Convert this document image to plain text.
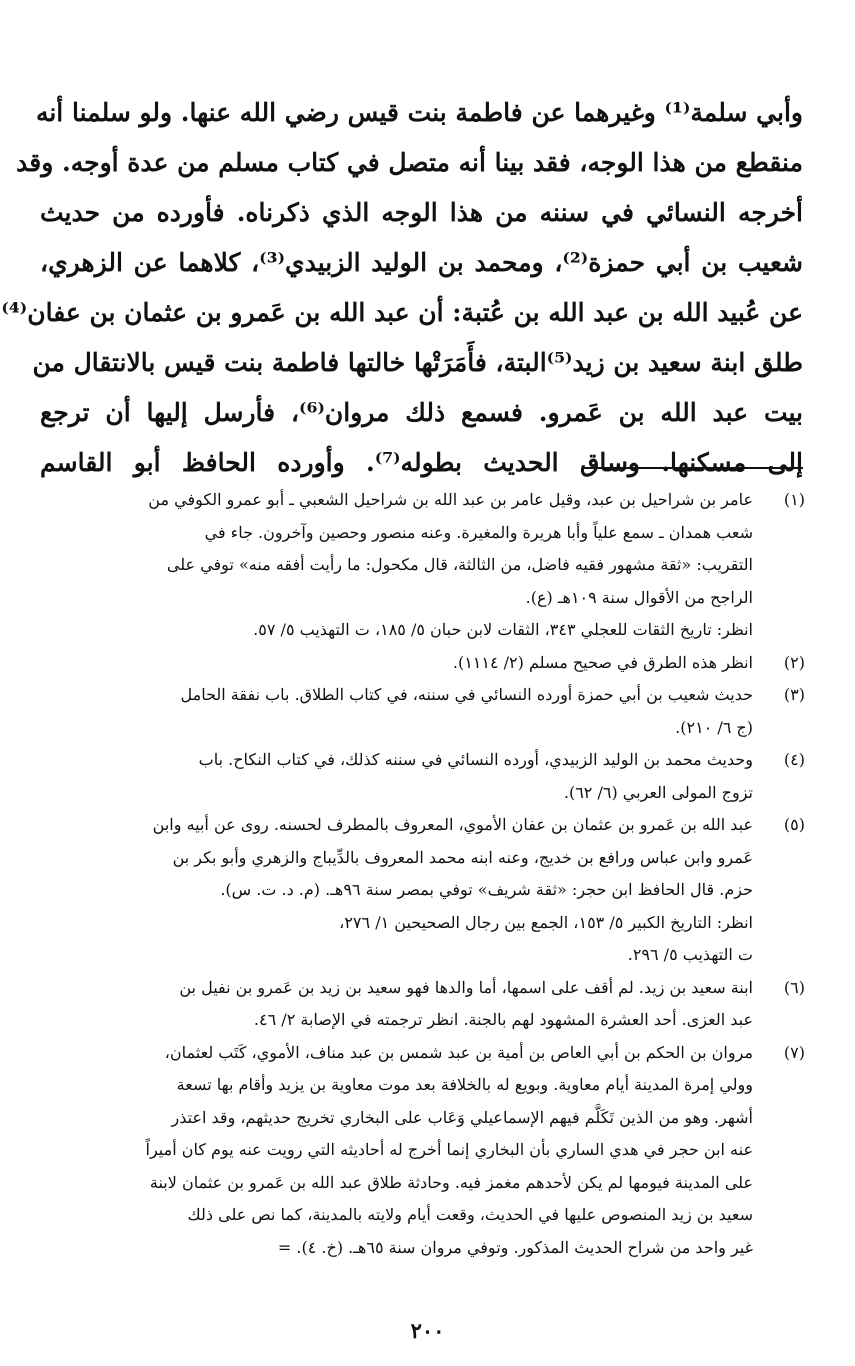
وأبي سلمة⁽¹⁾ وغيرهما عن فاطمة بنت قيس رضي الله عنها. ولو سلمنا أنه
منقطع من هذا الوجه، فقد بينا أنه متصل في كتاب مسلم من عدة أوجه. وقد
أخرجه النسائي في سننه من هذا الوجه الذي ذكرناه. فأورده من حديث
شعيب بن أبي حمزة⁽²⁾، ومحمد بن الوليد الزبيدي⁽³⁾، كلاهما عن الزهري،
عن عُبيد الله بن عبد الله بن عُتبة: أن عبد الله بن عَمرو بن عثمان بن عفان⁽⁴⁾
طلق ابنة سعيد بن زيد⁽⁵⁾البتة، فأَمَرَتْها خالتها فاطمة بنت قيس بالانتقال من
بيت عبد الله بن عَمرو. فسمع ذلك مروان⁽⁶⁾، فأرسل إليها أن ترجع
إلى مسكنها. وساق الحديث بطوله⁽⁷⁾. وأورده الحافظ أبو القاسم
(١)
عامر بن شراحيل بن عبد، وقيل عامر بن عبد الله بن شراحيل الشعبي ـ أبو عمرو الكوفي من
شعب همدان ـ سمع علياً وأبا هريرة والمغيرة. وعنه منصور وحصين وآخرون. جاء في
التقريب: «ثقة مشهور فقيه فاضل، من الثالثة، قال مكحول: ما رأيت أفقه منه» توفي على
الراجح من الأقوال سنة ١٠٩هـ (ع).
انظر: تاريخ الثقات للعجلي ٣٤٣، الثقات لابن حبان ٥/ ١٨٥، ت التهذيب ٥/ ٥٧.
(٢)
انظر هذه الطرق في صحيح مسلم (٢/ ١١١٤).
(٣)
حديث شعيب بن أبي حمزة أورده النسائي في سننه، في كتاب الطلاق. باب نفقة الحامل
(ج ٦/ ٢١٠).
(٤)
وحديث محمد بن الوليد الزبيدي، أورده النسائي في سننه كذلك، في كتاب النكاح. باب
تزوج المولى العربي (٦/ ٦٢).
(٥)
عبد الله بن عَمرو بن عثمان بن عفان الأموي، المعروف بالمطرف لحسنه. روى عن أبيه وابن
عَمرو وابن عباس ورافع بن خديج، وعنه ابنه محمد المعروف بالدِّيباج والزهري وأبو بكر بن
حزم. قال الحافظ ابن حجر: «ثقة شريف» توفي بمصر سنة ٩٦هـ. (م. د. ت. س).
انظر: التاريخ الكبير ٥/ ١٥٣، الجمع بين رجال الصحيحين ١/ ٢٧٦،
ت التهذيب ٥/ ٢٩٦.
(٦)
ابنة سعيد بن زيد. لم أقف على اسمها، أما والدها فهو سعيد بن زيد بن عَمرو بن نفيل بن
عبد العزى. أحد العشرة المشهود لهم بالجنة. انظر ترجمته في الإصابة ٢/ ٤٦.
(٧)
مروان بن الحكم بن أبي العاص بن أمية بن عبد شمس بن عبد مناف، الأموي، كَتَب لعثمان،
وولي إمرة المدينة أيام معاوية. وبويع له بالخلافة بعد موت معاوية بن يزيد وأقام بها تسعة
أشهر. وهو من الذين تَكَلَّم فيهم الإسماعيلي وَعَاب على البخاري تخريج حديثهم، وقد اعتذر
عنه ابن حجر في هدي الساري بأن البخاري إنما أخرج له أحاديثه التي رويت عنه يوم كان أميراً
على المدينة فيومها لم يكن لأحدهم مغمز فيه. وحادثة طلاق عبد الله بن عَمرو بن عثمان لابنة
سعيد بن زيد المنصوص عليها في الحديث، وقعت أيام ولايته بالمدينة، كما نص على ذلك
غير واحد من شراح الحديث المذكور. وتوفي مروان سنة ٦٥هـ. (خ. ٤). =
٢٠٠
